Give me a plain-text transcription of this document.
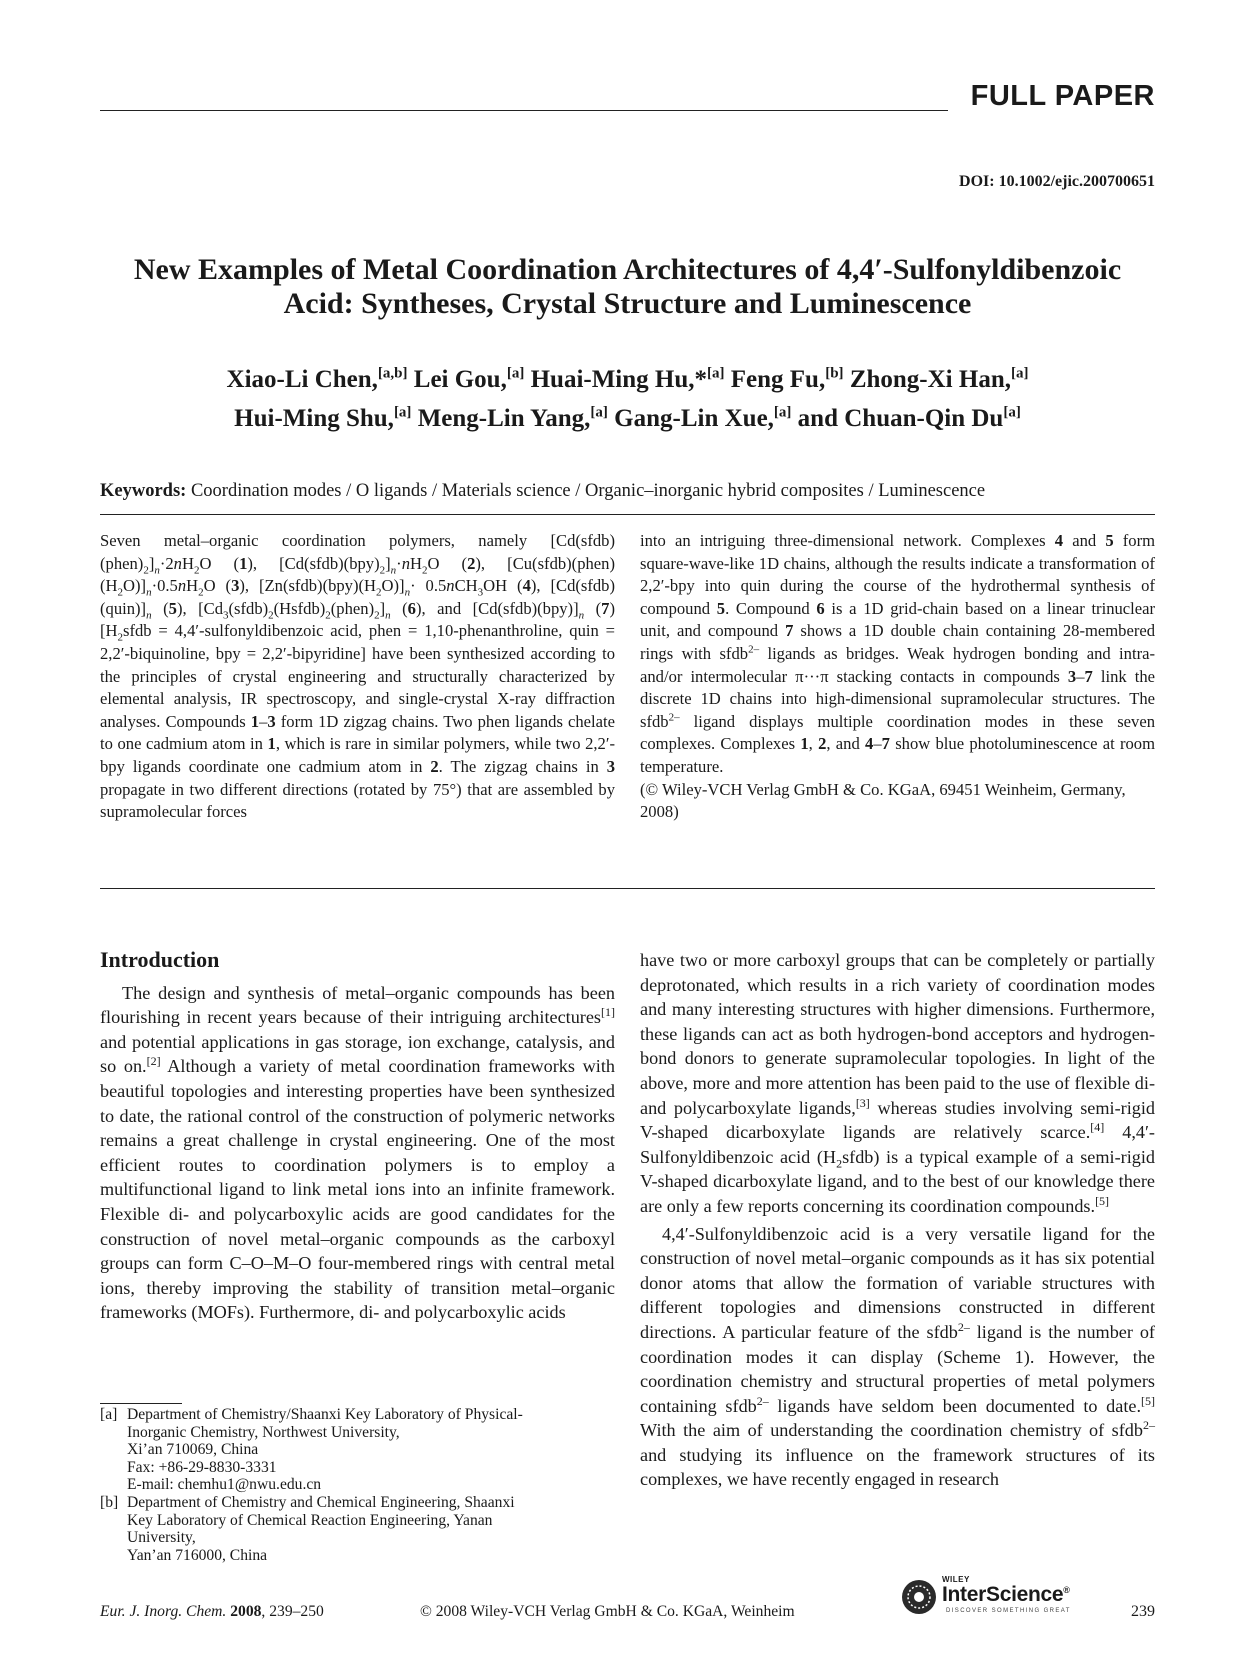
FULL PAPER
DOI: 10.1002/ejic.200700651
New Examples of Metal Coordination Architectures of 4,4′-Sulfonyldibenzoic
Acid: Syntheses, Crystal Structure and Luminescence
Xiao-Li Chen,[a,b] Lei Gou,[a] Huai-Ming Hu,*[a] Feng Fu,[b] Zhong-Xi Han,[a]
Hui-Ming Shu,[a] Meng-Lin Yang,[a] Gang-Lin Xue,[a] and Chuan-Qin Du[a]
Keywords: Coordination modes / O ligands / Materials science / Organic–inorganic hybrid composites / Luminescence

Seven metal–organic coordination polymers, namely $[Cd(sfdb)(phen)_2]_n\cdot 2nH_2O$ (1), $[Cd(sfdb)(bpy)_2]_n\cdot nH_2O$ (2), $[Cu(sfdb)(phen)(H_2O)]_n\cdot 0.5nH_2O$ (3), $[Zn(sfdb)(bpy)(H_2O)]_n\cdot 0.5nCH_3OH$ (4), $[Cd(sfdb)(quin)]_n$ (5), $[Cd_3(sfdb)_2(Hsfdb)_2(phen)_2]_n$ (6), and $[Cd(sfdb)(bpy)]_n$ (7) [$H_2sfdb$ = 4,4′-sulfonyldibenzoic acid, phen = 1,10-phenanthroline, quin = 2,2′-biquinoline, bpy = 2,2′-bipyridine] have been synthesized according to the principles of crystal engineering and structurally characterized by elemental analysis, IR spectroscopy, and single-crystal X-ray diffraction analyses. Compounds 1–3 form 1D zigzag chains. Two phen ligands chelate to one cadmium atom in 1, which is rare in similar polymers, while two 2,2′-bpy ligands coordinate one cadmium atom in 2. The zigzag chains in 3 propagate in two different directions (rotated by 75°) that are assembled by supramolecular forces

into an intriguing three-dimensional network. Complexes 4 and 5 form square-wave-like 1D chains, although the results indicate a transformation of 2,2′-bpy into quin during the course of the hydrothermal synthesis of compound 5. Compound 6 is a 1D grid-chain based on a linear trinuclear unit, and compound 7 shows a 1D double chain containing 28-membered rings with sfdb$^{2-}$ ligands as bridges. Weak hydrogen bonding and intra- and/or intermolecular π···π stacking contacts in compounds 3–7 link the discrete 1D chains into high-dimensional supramolecular structures. The sfdb$^{2-}$ ligand displays multiple coordination modes in these seven complexes. Complexes 1, 2, and 4–7 show blue photoluminescence at room temperature.

(© Wiley-VCH Verlag GmbH & Co. KGaA, 69451 Weinheim, Germany, 2008)

Introduction

The design and synthesis of metal–organic compounds has been flourishing in recent years because of their intriguing architectures[1] and potential applications in gas storage, ion exchange, catalysis, and so on.[2] Although a variety of metal coordination frameworks with beautiful topologies and interesting properties have been synthesized to date, the rational control of the construction of polymeric networks remains a great challenge in crystal engineering. One of the most efficient routes to coordination polymers is to employ a multifunctional ligand to link metal ions into an infinite framework. Flexible di- and polycarboxylic acids are good candidates for the construction of novel metal–organic compounds as the carboxyl groups can form C–O–M–O four-membered rings with central metal ions, thereby improving the stability of transition metal–organic frameworks (MOFs). Furthermore, di- and polycarboxylic acids

[a] Department of Chemistry/Shaanxi Key Laboratory of Physical-
Inorganic Chemistry, Northwest University,
Xi’an 710069, China
Fax: +86-29-8830-3331
E-mail: chemhu1@nwu.edu.cn
[b] Department of Chemistry and Chemical Engineering, Shaanxi
Key Laboratory of Chemical Reaction Engineering, Yanan
University,
Yan’an 716000, China

have two or more carboxyl groups that can be completely or partially deprotonated, which results in a rich variety of coordination modes and many interesting structures with higher dimensions. Furthermore, these ligands can act as both hydrogen-bond acceptors and hydrogen-bond donors to generate supramolecular topologies. In light of the above, more and more attention has been paid to the use of flexible di- and polycarboxylate ligands,[3] whereas studies involving semi-rigid V-shaped dicarboxylate ligands are relatively scarce.[4] 4,4′-Sulfonyldibenzoic acid $(H_2sfdb)$ is a typical example of a semi-rigid V-shaped dicarboxylate ligand, and to the best of our knowledge there are only a few reports concerning its coordination compounds.[5]

4,4′-Sulfonyldibenzoic acid is a very versatile ligand for the construction of novel metal–organic compounds as it has six potential donor atoms that allow the formation of variable structures with different topologies and dimensions constructed in different directions. A particular feature of the sfdb$^{2-}$ ligand is the number of coordination modes it can display (Scheme 1). However, the coordination chemistry and structural properties of metal polymers containing sfdb$^{2-}$ ligands have seldom been documented to date.[5] With the aim of understanding the coordination chemistry of sfdb$^{2-}$ and studying its influence on the framework structures of its complexes, we have recently engaged in research

Eur. J. Inorg. Chem. 2008, 239–250	© 2008 Wiley-VCH Verlag GmbH & Co. KGaA, Weinheim
WILEY
InterScience®
DISCOVER SOMETHING GREAT	239
